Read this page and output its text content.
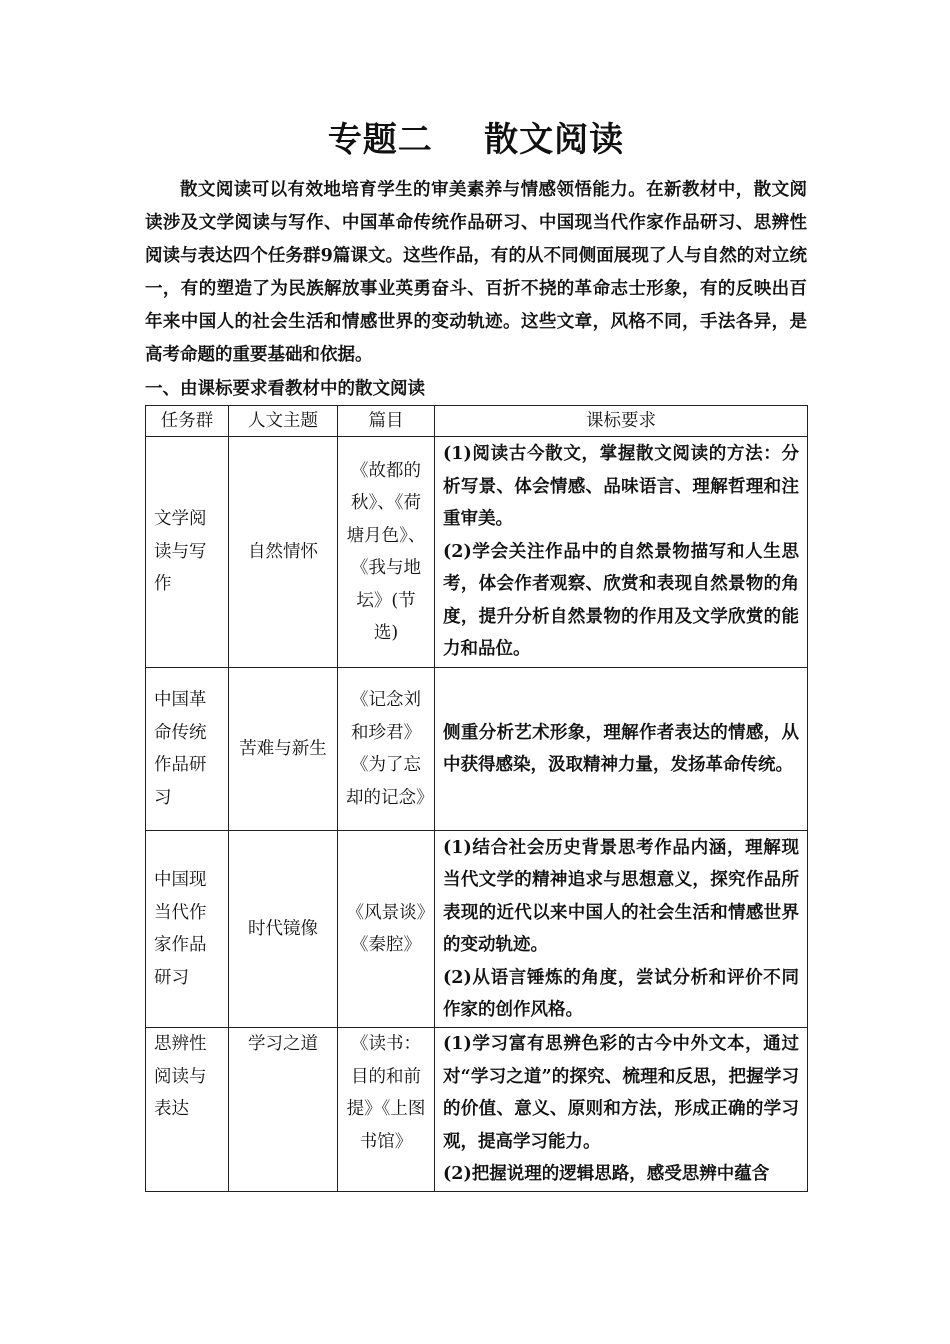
专题二    散文阅读

散文阅读可以有效地培育学生的审美素养与情感领悟能力。在新教材中，散文阅读涉及文学阅读与写作、中国革命传统作品研习、中国现当代作家作品研习、思辨性阅读与表达四个任务群9篇课文。这些作品，有的从不同侧面展现了人与自然的对立统一，有的塑造了为民族解放事业英勇奋斗、百折不挠的革命志士形象，有的反映出百年来中国人的社会生活和情感世界的变动轨迹。这些文章，风格不同，手法各异，是高考命题的重要基础和依据。

一、由课标要求看教材中的散文阅读
任务群	人文主题	篇目	课标要求
文学阅读与写作	自然情怀	《故都的秋》、《荷塘月色》、《我与地坛》(节选)	(1)阅读古今散文，掌握散文阅读的方法：分析写景、体会情感、品味语言、理解哲理和注重审美。
(2)学会关注作品中的自然景物描写和人生思考，体会作者观察、欣赏和表现自然景物的角度，提升分析自然景物的作用及文学欣赏的能力和品位。

中国革命传统作品研习	苦难与新生	《记念刘和珍君》《为了忘却的记念》	侧重分析艺术形象，理解作者表达的情感，从中获得感染，汲取精神力量，发扬革命传统。

中国现当代作家作品研习	时代镜像	《风景谈》《秦腔》	(1)结合社会历史背景思考作品内涵，理解现当代文学的精神追求与思想意义，探究作品所表现的近代以来中国人的社会生活和情感世界的变动轨迹。
(2)从语言锤炼的角度，尝试分析和评价不同作家的创作风格。

思辨性阅读与表达	学习之道	《读书：目的和前提》《上图书馆》	(1)学习富有思辨色彩的古今中外文本，通过对“学习之道”的探究、梳理和反思，把握学习的价值、意义、原则和方法，形成正确的学习观，提高学习能力。
(2)把握说理的逻辑思路，感受思辨中蕴含
